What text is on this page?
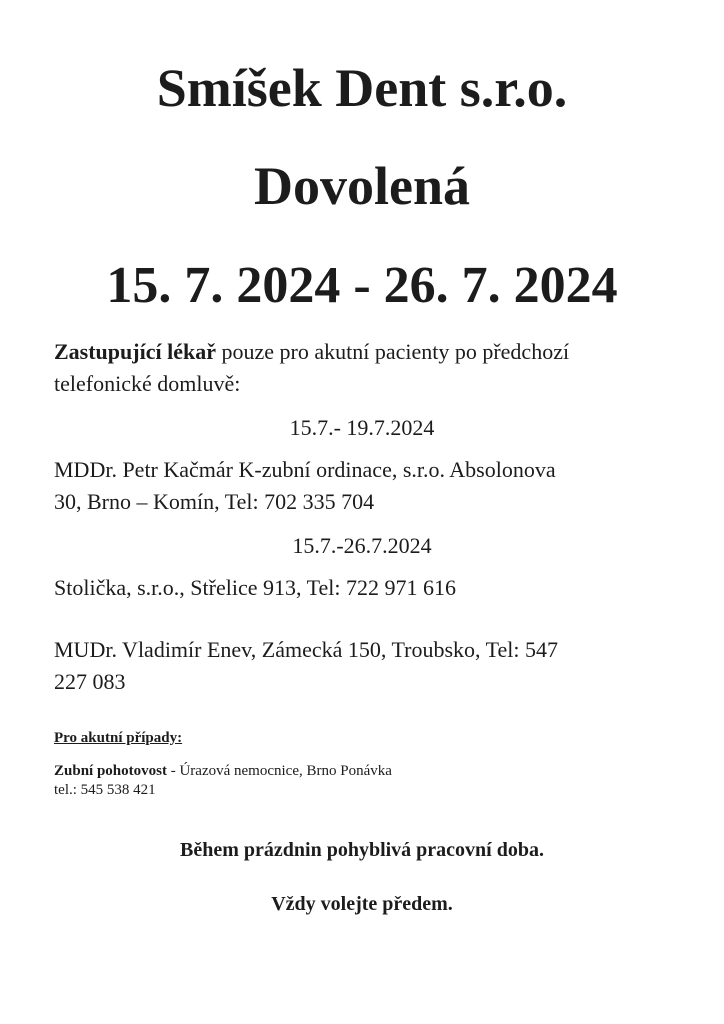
Smíšek Dent s.r.o.
Dovolená
15. 7. 2024 - 26. 7. 2024
Zastupující lékař pouze pro akutní pacienty po předchozí
telefonické domluvě:
15.7.- 19.7.2024
MDDr. Petr Kačmár K-zubní ordinace, s.r.o. Absolonova
30, Brno – Komín, Tel: 702 335 704
15.7.-26.7.2024
Stolička, s.r.o., Střelice 913, Tel: 722 971 616
MUDr. Vladimír Enev, Zámecká 150, Troubsko, Tel: 547
227 083
Pro akutní případy:
Zubní pohotovost - Úrazová nemocnice, Brno Ponávka
tel.: 545 538 421
Během prázdnin pohyblivá pracovní doba.
Vždy volejte předem.
